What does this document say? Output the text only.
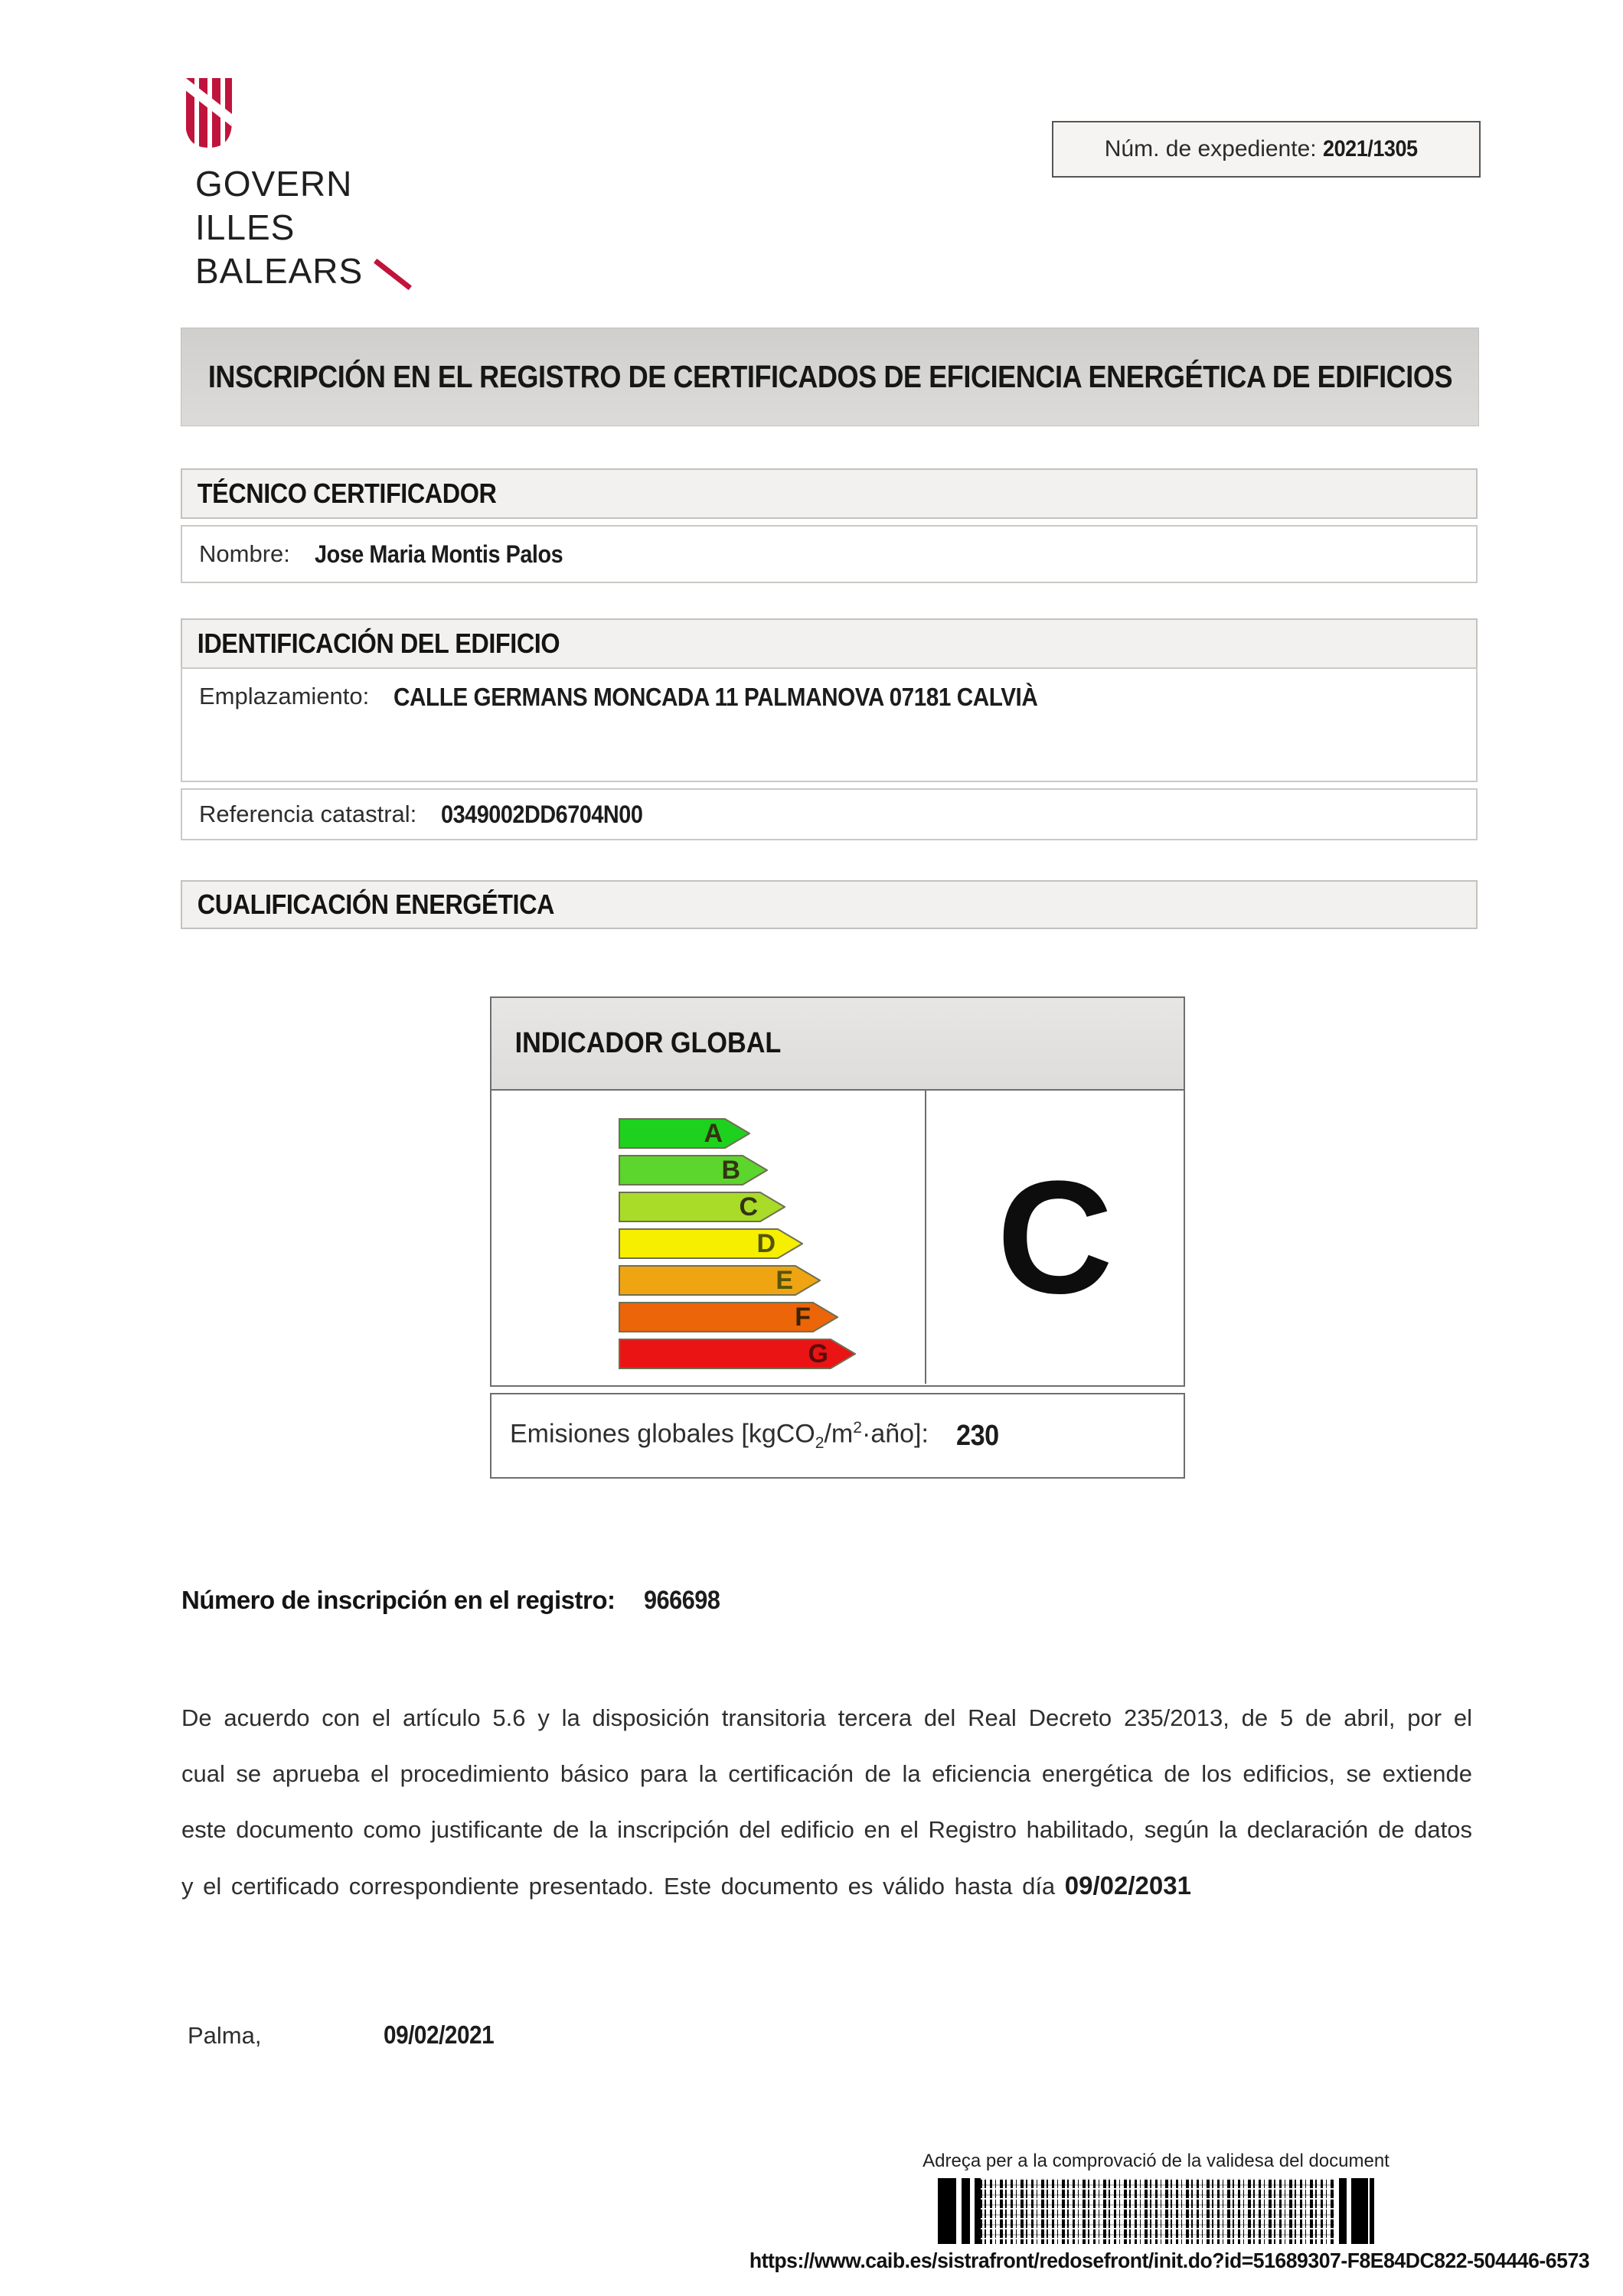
GOVERN
ILLES
BALEARS
Núm. de expediente:
2021/1305
INSCRIPCIÓN EN EL REGISTRO DE CERTIFICADOS DE EFICIENCIA ENERGÉTICA DE EDIFICIOS
TÉCNICO CERTIFICADOR
Nombre: Jose Maria Montis Palos
IDENTIFICACIÓN DEL EDIFICIO
Emplazamiento: CALLE GERMANS MONCADA 11 PALMANOVA 07181 CALVIÀ
Referencia catastral: 0349002DD6704N00
CUALIFICACIÓN ENERGÉTICA
INDICADOR GLOBAL
A
B
C
D
E
F
G
C
Emisiones globales $[kgCO_2/m^2\cdot año]$: 230
Número de inscripción en el registro: 966698
De acuerdo con el artículo 5.6 y la disposición transitoria tercera del Real Decreto 235/2013, de 5 de abril, por el cual se aprueba el procedimiento básico para la certificación de la eficiencia energética de los edificios, se extiende este documento como justificante de la inscripción del edificio en el Registro habilitado, según la declaración de datos y el certificado correspondiente presentado. Este documento es válido hasta día 09/02/2031
Palma,	09/02/2021
Adreça per a la comprovació de la validesa del document
https://www.caib.es/sistrafront/redosefront/init.do?id=51689307-F8E84DC822-504446-6573
